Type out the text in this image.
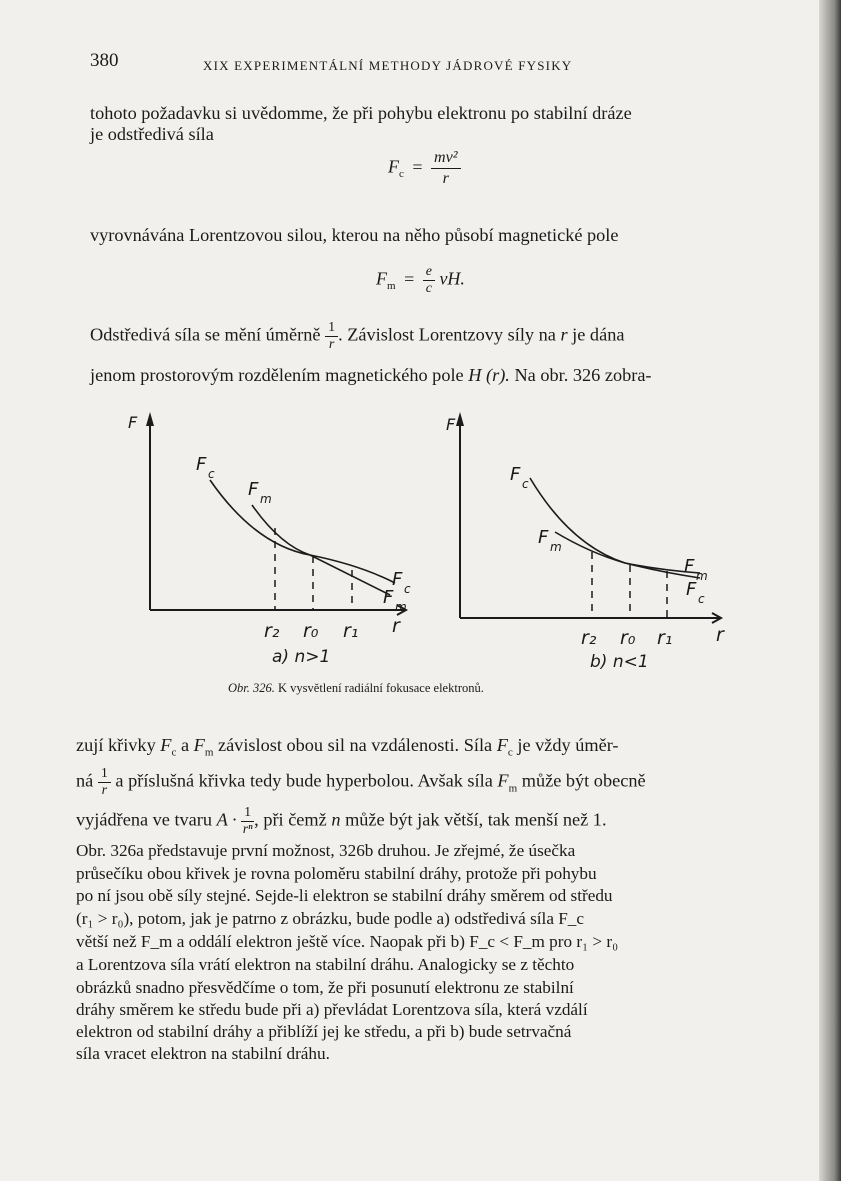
380	XIX EXPERIMENTÁLNÍ METHODY JÁDROVÉ FYSIKY
tohoto požadavku si uvědomme, že při pohybu elektronu po stabilní dráze
je odstředivá síla
$F_c = \frac{\text{mv²}}{r}$
vyrovnávána Lorentzovou silou, kterou na něho působí magnetické pole
$F_m = \frac{e}{c}$ vH.
Odstředivá síla se mění úměrně $\frac{1}{r}$ . Závislost Lorentzovy síly na r je dána
jenom prostorovým rozdělením magnetického pole H (r). Na obr. 326 zobra-
F
F c
F m
F c
F m
r₂ r₀ r₁ r
a) n>1
F
F c
F m
F m
F c
r₂ r₀ r₁ r
b) n<1
Obr. 326. K vysvětlení radiální fokusace elektronů.
zují křivky $F_c$ a $F_m$ závislost obou sil na vzdálenosti. Síla $F_c$ je vždy úměr-
ná $\frac{1}{r}$ a příslušná křivka tedy bude hyperbolou. Avšak síla $F_m$ může být obecně
vyjádřena ve tvaru $A \cdot \frac{1}{\text{rⁿ}}$ , při čemž n může být jak větší, tak menší než 1.
Obr. 326a představuje první možnost, 326b druhou. Je zřejmé, že úsečka
průsečíku obou křivek je rovna poloměru stabilní dráhy, protože při pohybu
po ní jsou obě síly stejné. Sejde-li elektron se stabilní dráhy směrem od středu
(r₁ > r₀), potom, jak je patrno z obrázku, bude podle a) odstředivá síla F_c
větší než F_m a oddálí elektron ještě více. Naopak při b) F_c < F_m pro r₁ > r₀
a Lorentzova síla vrátí elektron na stabilní dráhu. Analogicky se z těchto
obrázků snadno přesvědčíme o tom, že při posunutí elektronu ze stabilní
dráhy směrem ke středu bude při a) převládat Lorentzova síla, která vzdálí
elektron od stabilní dráhy a přiblíží jej ke středu, a při b) bude setrvačná
síla vracet elektron na stabilní dráhu.
